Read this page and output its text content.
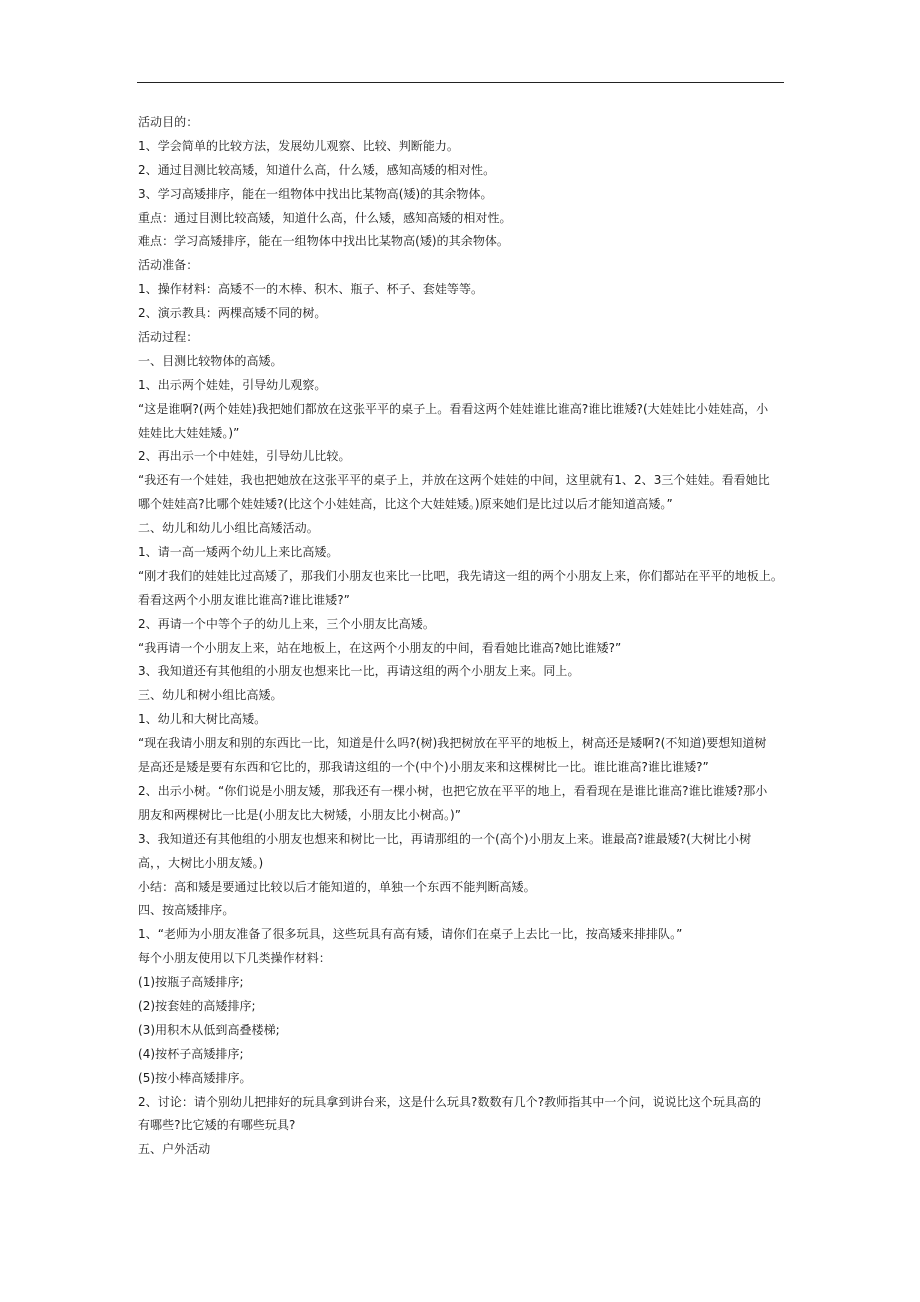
活动目的：
1、学会简单的比较方法，发展幼儿观察、比较、判断能力。
2、通过目测比较高矮，知道什么高，什么矮，感知高矮的相对性。
3、学习高矮排序，能在一组物体中找出比某物高(矮)的其余物体。
重点：通过目测比较高矮，知道什么高，什么矮，感知高矮的相对性。
难点：学习高矮排序，能在一组物体中找出比某物高(矮)的其余物体。
活动准备：
1、操作材料：高矮不一的木棒、积木、瓶子、杯子、套娃等等。
2、演示教具：两棵高矮不同的树。
活动过程：
一、目测比较物体的高矮。
1、出示两个娃娃，引导幼儿观察。
“这是谁啊?(两个娃娃)我把她们都放在这张平平的桌子上。看看这两个娃娃谁比谁高?谁比谁矮?(大娃娃比小娃娃高，小
娃娃比大娃娃矮。)”
2、再出示一个中娃娃，引导幼儿比较。
“我还有一个娃娃，我也把她放在这张平平的桌子上，并放在这两个娃娃的中间，这里就有1、2、3三个娃娃。看看她比
哪个娃娃高?比哪个娃娃矮?(比这个小娃娃高，比这个大娃娃矮。)原来她们是比过以后才能知道高矮。”
二、幼儿和幼儿小组比高矮活动。
1、请一高一矮两个幼儿上来比高矮。
“刚才我们的娃娃比过高矮了，那我们小朋友也来比一比吧，我先请这一组的两个小朋友上来，你们都站在平平的地板上。
看看这两个小朋友谁比谁高?谁比谁矮?”
2、再请一个中等个子的幼儿上来，三个小朋友比高矮。
“我再请一个小朋友上来，站在地板上，在这两个小朋友的中间，看看她比谁高?她比谁矮?”
3、我知道还有其他组的小朋友也想来比一比，再请这组的两个小朋友上来。同上。
三、幼儿和树小组比高矮。
1、幼儿和大树比高矮。
“现在我请小朋友和别的东西比一比，知道是什么吗?(树)我把树放在平平的地板上，树高还是矮啊?(不知道)要想知道树
是高还是矮是要有东西和它比的，那我请这组的一个(中个)小朋友来和这棵树比一比。谁比谁高?谁比谁矮?”
2、出示小树。“你们说是小朋友矮，那我还有一棵小树，也把它放在平平的地上，看看现在是谁比谁高?谁比谁矮?那小
朋友和两棵树比一比是(小朋友比大树矮，小朋友比小树高。)”
3、我知道还有其他组的小朋友也想来和树比一比，再请那组的一个(高个)小朋友上来。谁最高?谁最矮?(大树比小树
高，，大树比小朋友矮。)
小结：高和矮是要通过比较以后才能知道的，单独一个东西不能判断高矮。
四、按高矮排序。
1、“老师为小朋友准备了很多玩具，这些玩具有高有矮，请你们在桌子上去比一比，按高矮来排排队。”
每个小朋友使用以下几类操作材料：
(1)按瓶子高矮排序;
(2)按套娃的高矮排序;
(3)用积木从低到高叠楼梯;
(4)按杯子高矮排序;
(5)按小棒高矮排序。
2、讨论：请个别幼儿把排好的玩具拿到讲台来，这是什么玩具?数数有几个?教师指其中一个问，说说比这个玩具高的
有哪些?比它矮的有哪些玩具?
五、户外活动
